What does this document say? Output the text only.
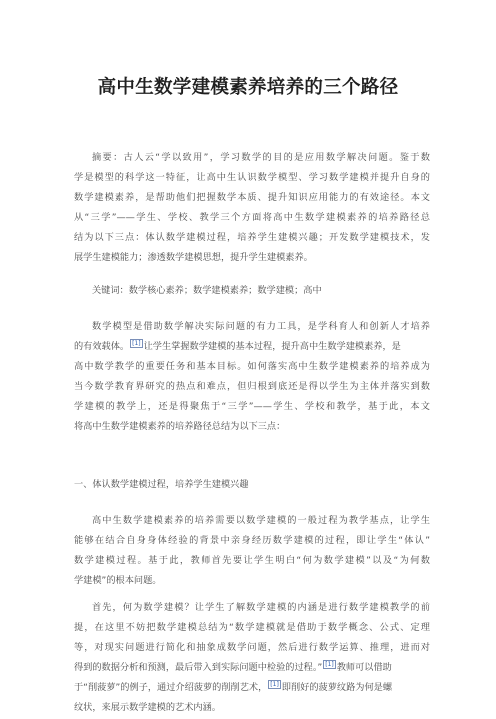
高中生数学建模素养培养的三个路径
摘要：古人云“学以致用”，学习数学的目的是应用数学解决问题。鉴于数
学是模型的科学这一特征，让高中生认识数学模型、学习数学建模并提升自身的
数学建模素养，是帮助他们把握数学本质、提升知识应用能力的有效途径。本文
从“三学”——学生、学校、教学三个方面将高中生数学建模素养的培养路径总
结为以下三点：体认数学建模过程，培养学生建模兴趣；开发数学建模技术，发
展学生建模能力；渗透数学建模思想，提升学生建模素养。
关键词：数学核心素养；数学建模素养；数学建模；高中
数学模型是借助数学解决实际问题的有力工具，是学科育人和创新人才培养
的有效载体。 [1] 让学生掌握数学建模的基本过程，提升高中生数学建模素养，是
高中数学教学的重要任务和基本目标。如何落实高中生数学建模素养的培养成为
当今数学教育界研究的热点和难点，但归根到底还是得以学生为主体并落实到数
学建模的教学上，还是得聚焦于“三学”——学生、学校和教学，基于此，本文
将高中生数学建模素养的培养路径总结为以下三点：
一、体认数学建模过程，培养学生建模兴趣
高中生数学建模素养的培养需要以数学建模的一般过程为教学基点，让学生
能够在结合自身身体经验的背景中亲身经历数学建模的过程，即让学生“体认”
数学建模过程。基于此，教师首先要让学生明白“何为数学建模”以及“为何数
学建模”的根本问题。
首先，何为数学建模？让学生了解数学建模的内涵是进行数学建模教学的前
提，在这里不妨把数学建模总结为“数学建模就是借助于数学概念、公式、定理
等，对现实问题进行简化和抽象成数学问题，然后进行数学运算、推理，进而对
得到的数据分析和预测，最后带入到实际问题中检验的过程。” [1] 教师可以借助
于“削菠萝”的例子，通过介绍菠萝的削削艺术， [1] 即削好的菠萝纹路为何是螺
纹状，来展示数学建模的艺术内涵。
